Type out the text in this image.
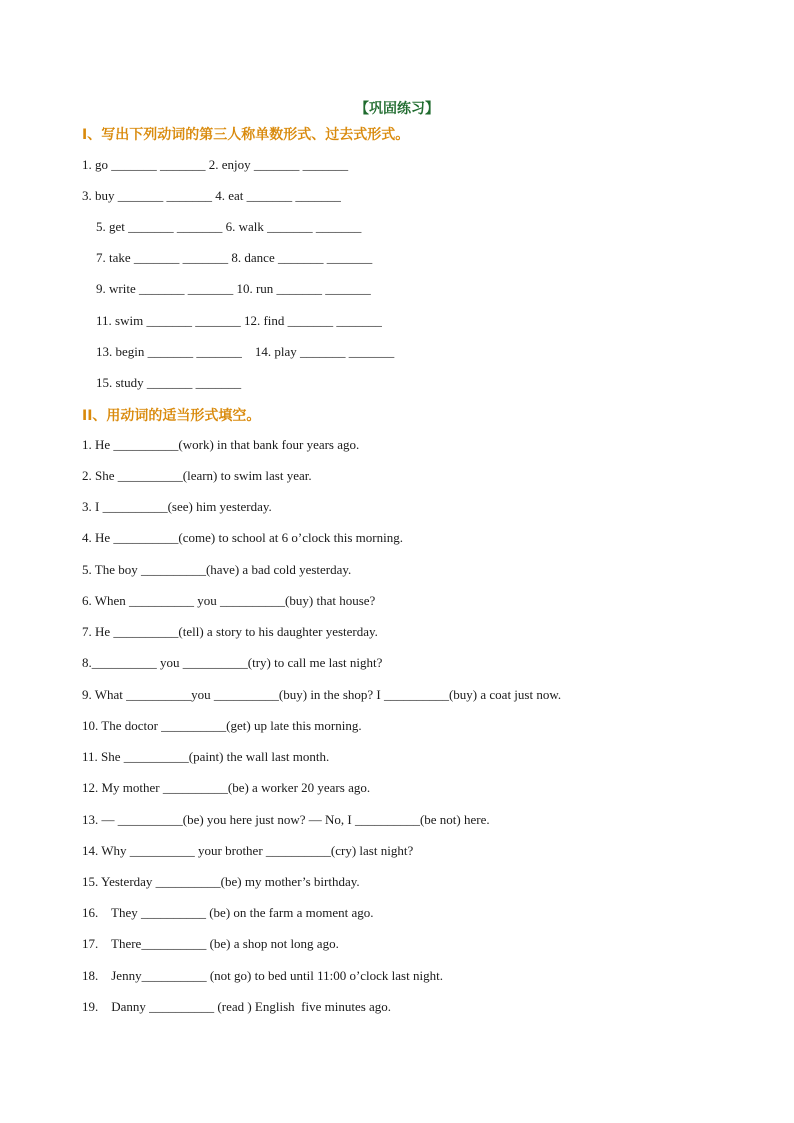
【巩固练习】
I、写出下列动词的第三人称单数形式、过去式形式。
1. go _______ _______ 2. enjoy _______ _______
3. buy _______ _______ 4. eat _______ _______
5. get _______ _______ 6. walk _______ _______
7. take _______ _______ 8. dance _______ _______
9. write _______ _______ 10. run _______ _______
11. swim _______ _______ 12. find _______ _______
13. begin _______ _______    14. play _______ _______
15. study _______ _______
II、用动词的适当形式填空。
1. He __________(work) in that bank four years ago.
2. She __________(learn) to swim last year.
3. I __________(see) him yesterday.
4. He __________(come) to school at 6 o’clock this morning.
5. The boy __________(have) a bad cold yesterday.
6. When __________ you __________(buy) that house?
7. He __________(tell) a story to his daughter yesterday.
8.__________ you __________(try) to call me last night?
9. What __________you __________(buy) in the shop? I __________(buy) a coat just now.
10. The doctor __________(get) up late this morning.
11. She __________(paint) the wall last month.
12. My mother __________(be) a worker 20 years ago.
13. — __________(be) you here just now? — No, I __________(be not) here.
14. Why __________ your brother __________(cry) last night?
15. Yesterday __________(be) my mother’s birthday.
16.    They __________ (be) on the farm a moment ago.
17.    There__________ (be) a shop not long ago.
18.    Jenny__________ (not go) to bed until 11:00 o’clock last night.
19.    Danny __________ (read ) English  five minutes ago.
